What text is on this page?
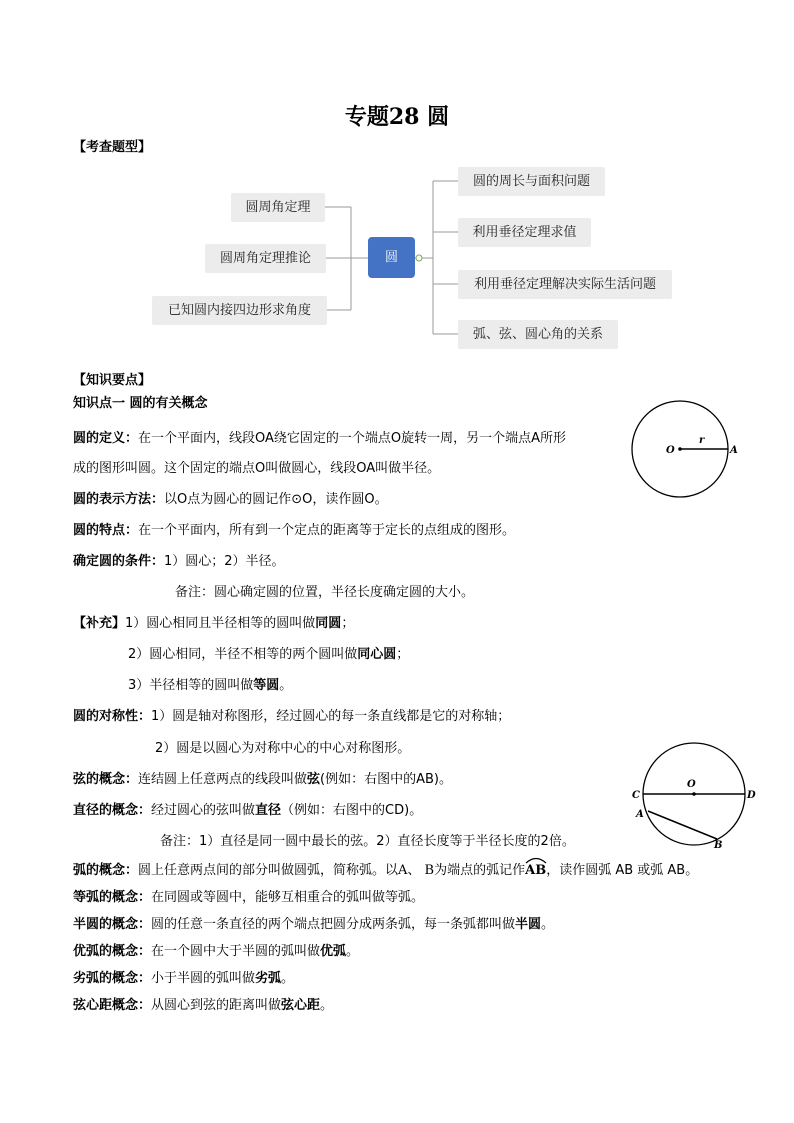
专题28 圆
【考查题型】
圆周角定理
圆周角定理推论
已知圆内接四边形求角度
圆
圆的周长与面积问题
利用垂径定理求值
利用垂径定理解决实际生活问题
弧、弦、圆心角的关系
【知识要点】
知识点一 圆的有关概念
圆的定义：在一个平面内，线段OA绕它固定的一个端点O旋转一周，另一个端点A所形
成的图形叫圆。这个固定的端点O叫做圆心，线段OA叫做半径。
圆的表示方法：以O点为圆心的圆记作⊙O，读作圆O。
圆的特点：在一个平面内，所有到一个定点的距离等于定长的点组成的图形。
确定圆的条件：1）圆心；2）半径。
备注：圆心确定圆的位置，半径长度确定圆的大小。
【补充】1）圆心相同且半径相等的圆叫做同圆；
2）圆心相同，半径不相等的两个圆叫做同心圆；
3）半径相等的圆叫做等圆。
圆的对称性：1）圆是轴对称图形，经过圆心的每一条直线都是它的对称轴；
2）圆是以圆心为对称中心的中心对称图形。
弦的概念：连结圆上任意两点的线段叫做弦(例如：右图中的AB)。
直径的概念：经过圆心的弦叫做直径（例如：右图中的CD)。
备注：1）直径是同一圆中最长的弦。2）直径长度等于半径长度的2倍。
弧的概念：圆上任意两点间的部分叫做圆弧，简称弧。以A、 B为端点的弧记作
AB，读作圆弧 AB 或弧 AB。
等弧的概念：在同圆或等圆中，能够互相重合的弧叫做等弧。
半圆的概念：圆的任意一条直径的两个端点把圆分成两条弧，每一条弧都叫做半圆。
优弧的概念：在一个圆中大于半圆的弧叫做优弧。
劣弧的概念：小于半圆的弧叫做劣弧。
弦心距概念：从圆心到弦的距离叫做弦心距。
O
r
A
O
C	D
A
B
